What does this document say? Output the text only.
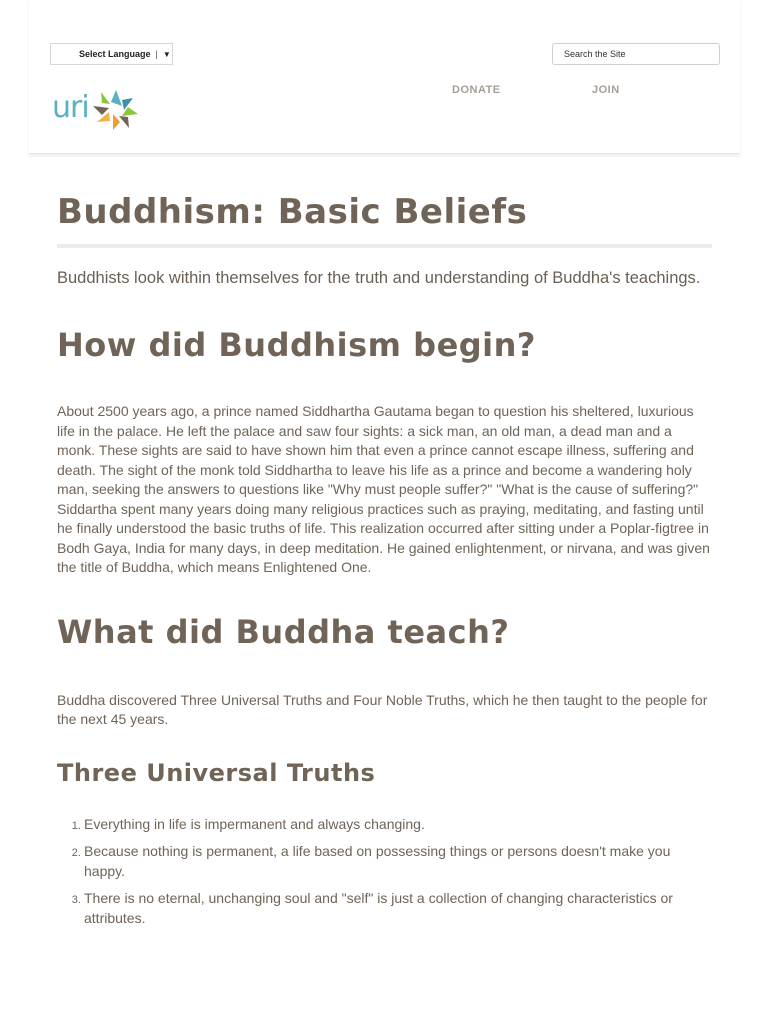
Select Language | ▼	Search the Site
uri	DONATE	JOIN
Buddhism: Basic Beliefs

Buddhists look within themselves for the truth and understanding of Buddha's teachings.

How did Buddhism begin?

About 2500 years ago, a prince named Siddhartha Gautama began to question his sheltered, luxurious life in the palace. He left the palace and saw four sights: a sick man, an old man, a dead man and a monk. These sights are said to have shown him that even a prince cannot escape illness, suffering and death. The sight of the monk told Siddhartha to leave his life as a prince and become a wandering holy man, seeking the answers to questions like "Why must people suffer?" "What is the cause of suffering?" Siddartha spent many years doing many religious practices such as praying, meditating, and fasting until he finally understood the basic truths of life. This realization occurred after sitting under a Poplar-figtree in Bodh Gaya, India for many days, in deep meditation. He gained enlightenment, or nirvana, and was given the title of Buddha, which means Enlightened One.

What did Buddha teach?

Buddha discovered Three Universal Truths and Four Noble Truths, which he then taught to the people for the next 45 years.

Three Universal Truths
1. Everything in life is impermanent and always changing.
2. Because nothing is permanent, a life based on possessing things or persons doesn't make you happy.
3. There is no eternal, unchanging soul and "self" is just a collection of changing characteristics or attributes.
